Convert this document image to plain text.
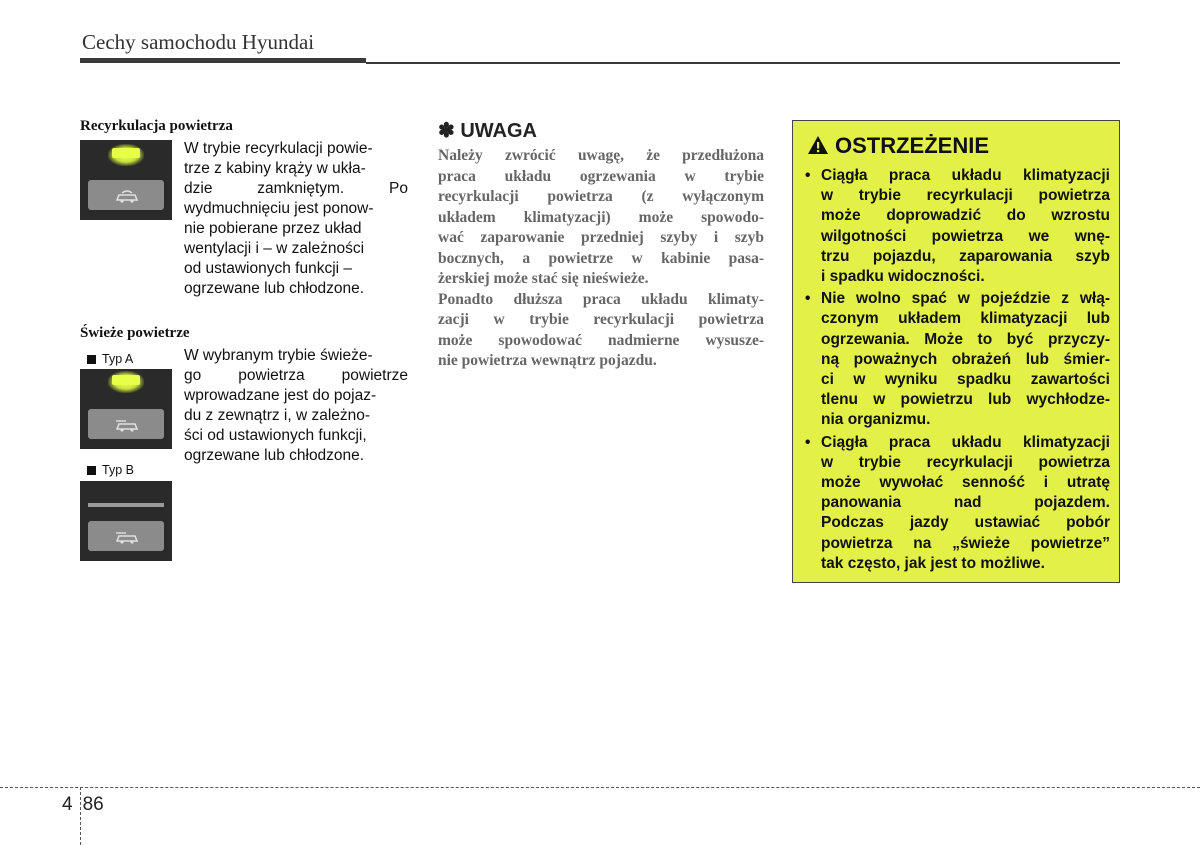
Cechy samochodu Hyundai
Recyrkulacja powietrza
W trybie recyrkulacji powie-
trze z kabiny krąży w ukła-
dzie zamkniętym. Po
wydmuchnięciu jest ponow-
nie pobierane przez układ
wentylacji i – w zależności
od ustawionych funkcji –
ogrzewane lub chłodzone.
Świeże powietrze
Typ A
Typ B
W wybranym trybie świeże-
go powietrza powietrze
wprowadzane jest do pojaz-
du z zewnątrz i, w zależno-
ści od ustawionych funkcji,
ogrzewane lub chłodzone.
✽ UWAGA
Należy zwrócić uwagę, że przedłużona
praca układu ogrzewania w trybie
recyrkulacji powietrza (z wyłączonym
układem klimatyzacji) może spowodo-
wać zaparowanie przedniej szyby i szyb
bocznych, a powietrze w kabinie pasa-
żerskiej może stać się nieświeże.
Ponadto dłuższa praca układu klimaty-
zacji w trybie recyrkulacji powietrza
może spowodować nadmierne wysusze-
nie powietrza wewnątrz pojazdu.
OSTRZEŻENIE
• Ciągła praca układu klimatyzacji
w trybie recyrkulacji powietrza
może doprowadzić do wzrostu
wilgotności powietrza we wnę-
trzu pojazdu, zaparowania szyb
i spadku widoczności.
• Nie wolno spać w pojeździe z włą-
czonym układem klimatyzacji lub
ogrzewania. Może to być przyczy-
ną poważnych obrażeń lub śmier-
ci w wyniku spadku zawartości
tlenu w powietrzu lub wychłodze-
nia organizmu.
• Ciągła praca układu klimatyzacji
w trybie recyrkulacji powietrza
może wywołać senność i utratę
panowania nad pojazdem.
Podczas jazdy ustawiać pobór
powietrza na „świeże powietrze”
tak często, jak jest to możliwe.
4 86
